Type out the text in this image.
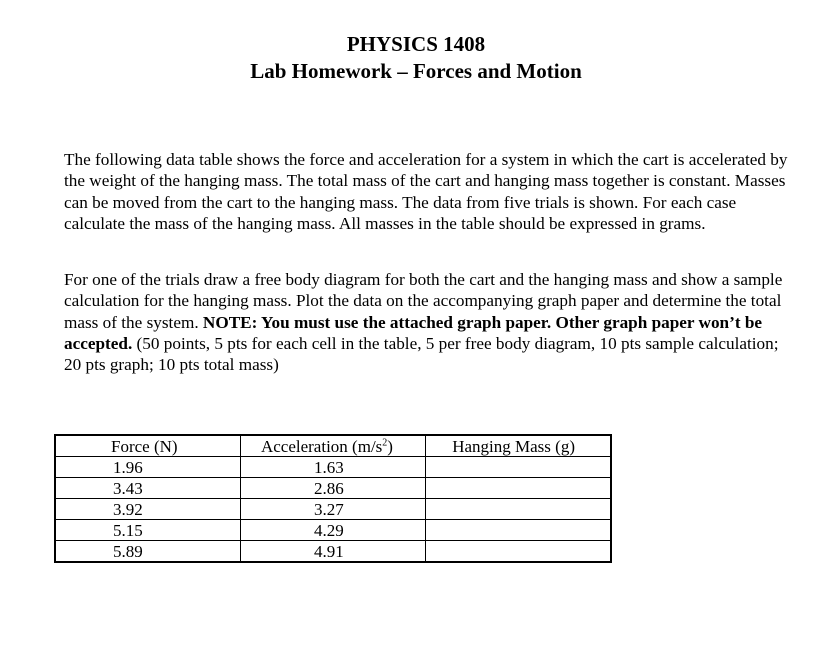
PHYSICS 1408
Lab Homework – Forces and Motion

The following data table shows the force and acceleration for a system in which the cart is accelerated by the weight of the hanging mass. The total mass of the cart and hanging mass together is constant. Masses can be moved from the cart to the hanging mass. The data from five trials is shown. For each case calculate the mass of the hanging mass. All masses in the table should be expressed in grams.

For one of the trials draw a free body diagram for both the cart and the hanging mass and show a sample calculation for the hanging mass. Plot the data on the accompanying graph paper and determine the total mass of the system. NOTE: You must use the attached graph paper. Other graph paper won’t be accepted. (50 points, 5 pts for each cell in the table, 5 per free body diagram, 10 pts sample calculation; 20 pts graph; 10 pts total mass)

Force (N)	Acceleration $(m/s^2)$	Hanging Mass (g)
1.96	1.63	
3.43	2.86	
3.92	3.27	
5.15	4.29	
5.89	4.91	
